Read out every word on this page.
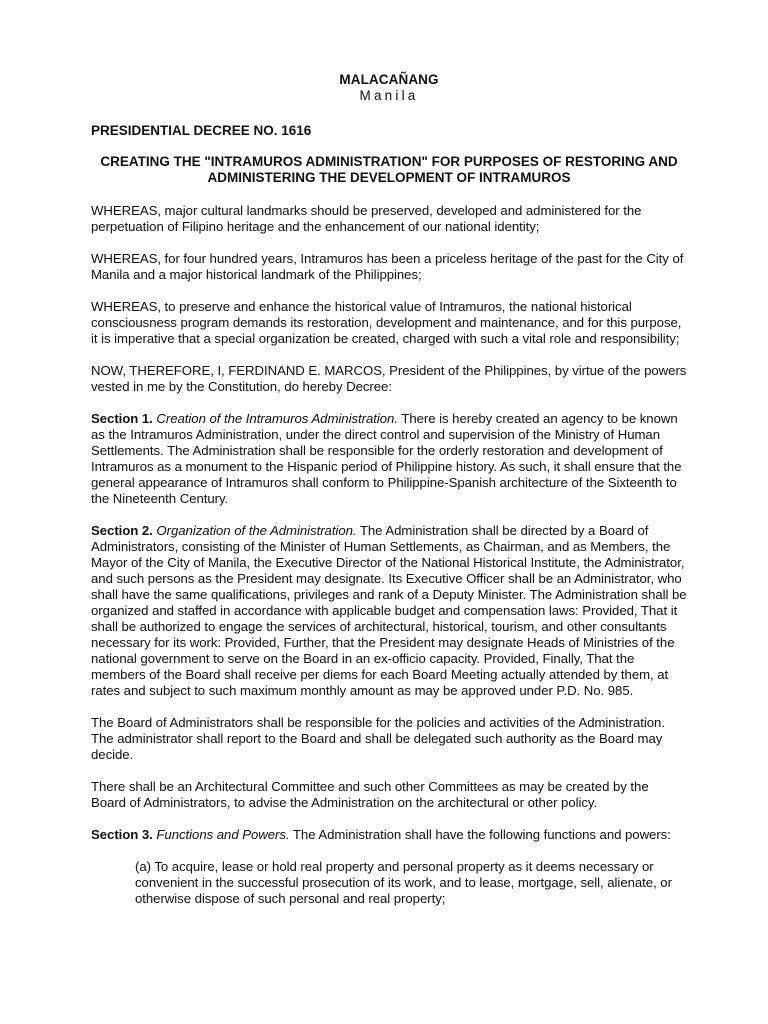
MALACAÑANG
Manila
PRESIDENTIAL DECREE NO. 1616
CREATING THE "INTRAMUROS ADMINISTRATION" FOR PURPOSES OF RESTORING AND ADMINISTERING THE DEVELOPMENT OF INTRAMUROS

WHEREAS, major cultural landmarks should be preserved, developed and administered for the perpetuation of Filipino heritage and the enhancement of our national identity;

WHEREAS, for four hundred years, Intramuros has been a priceless heritage of the past for the City of Manila and a major historical landmark of the Philippines;

WHEREAS, to preserve and enhance the historical value of Intramuros, the national historical consciousness program demands its restoration, development and maintenance, and for this purpose, it is imperative that a special organization be created, charged with such a vital role and responsibility;

NOW, THEREFORE, I, FERDINAND E. MARCOS, President of the Philippines, by virtue of the powers vested in me by the Constitution, do hereby Decree:

Section 1. Creation of the Intramuros Administration. There is hereby created an agency to be known as the Intramuros Administration, under the direct control and supervision of the Ministry of Human Settlements. The Administration shall be responsible for the orderly restoration and development of Intramuros as a monument to the Hispanic period of Philippine history. As such, it shall ensure that the general appearance of Intramuros shall conform to Philippine-Spanish architecture of the Sixteenth to the Nineteenth Century.

Section 2. Organization of the Administration. The Administration shall be directed by a Board of Administrators, consisting of the Minister of Human Settlements, as Chairman, and as Members, the Mayor of the City of Manila, the Executive Director of the National Historical Institute, the Administrator, and such persons as the President may designate. Its Executive Officer shall be an Administrator, who shall have the same qualifications, privileges and rank of a Deputy Minister. The Administration shall be organized and staffed in accordance with applicable budget and compensation laws: Provided, That it shall be authorized to engage the services of architectural, historical, tourism, and other consultants necessary for its work: Provided, Further, that the President may designate Heads of Ministries of the national government to serve on the Board in an ex-officio capacity. Provided, Finally, That the members of the Board shall receive per diems for each Board Meeting actually attended by them, at rates and subject to such maximum monthly amount as may be approved under P.D. No. 985.

The Board of Administrators shall be responsible for the policies and activities of the Administration. The administrator shall report to the Board and shall be delegated such authority as the Board may decide.

There shall be an Architectural Committee and such other Committees as may be created by the Board of Administrators, to advise the Administration on the architectural or other policy.

Section 3. Functions and Powers. The Administration shall have the following functions and powers:

(a) To acquire, lease or hold real property and personal property as it deems necessary or convenient in the successful prosecution of its work, and to lease, mortgage, sell, alienate, or otherwise dispose of such personal and real property;
